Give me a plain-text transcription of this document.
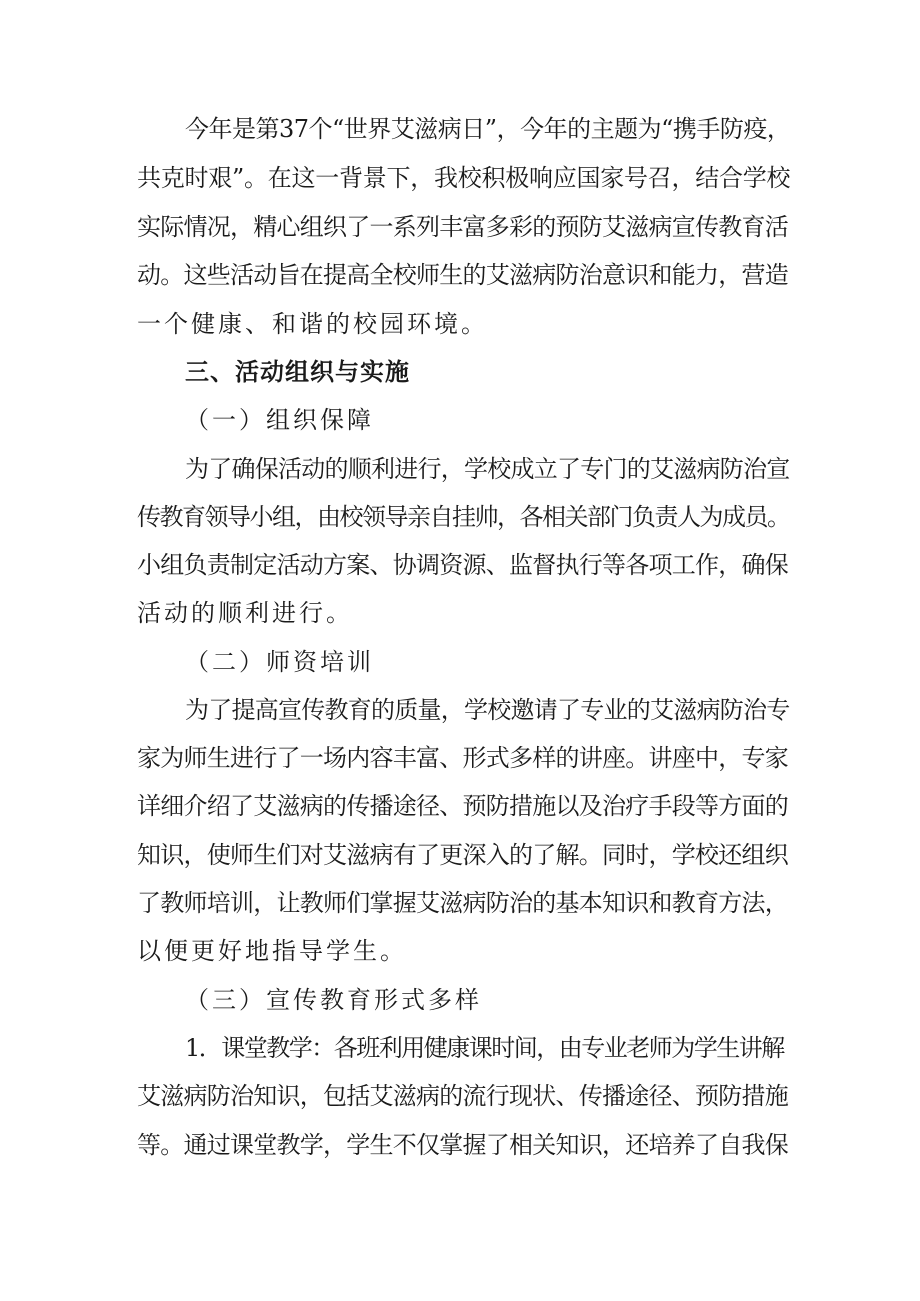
今年是第37个“世界艾滋病日”，今年的主题为“携手防疫，
共克时艰”。在这一背景下，我校积极响应国家号召，结合学校
实际情况，精心组织了一系列丰富多彩的预防艾滋病宣传教育活
动。这些活动旨在提高全校师生的艾滋病防治意识和能力，营造
一个健康、和谐的校园环境。
三、活动组织与实施
（一）组织保障
为了确保活动的顺利进行，学校成立了专门的艾滋病防治宣
传教育领导小组，由校领导亲自挂帅，各相关部门负责人为成员。
小组负责制定活动方案、协调资源、监督执行等各项工作，确保
活动的顺利进行。
（二）师资培训
为了提高宣传教育的质量，学校邀请了专业的艾滋病防治专
家为师生进行了一场内容丰富、形式多样的讲座。讲座中，专家
详细介绍了艾滋病的传播途径、预防措施以及治疗手段等方面的
知识，使师生们对艾滋病有了更深入的了解。同时，学校还组织
了教师培训，让教师们掌握艾滋病防治的基本知识和教育方法，
以便更好地指导学生。
（三）宣传教育形式多样
1．课堂教学：各班利用健康课时间，由专业老师为学生讲解
艾滋病防治知识，包括艾滋病的流行现状、传播途径、预防措施
等。通过课堂教学，学生不仅掌握了相关知识，还培养了自我保
